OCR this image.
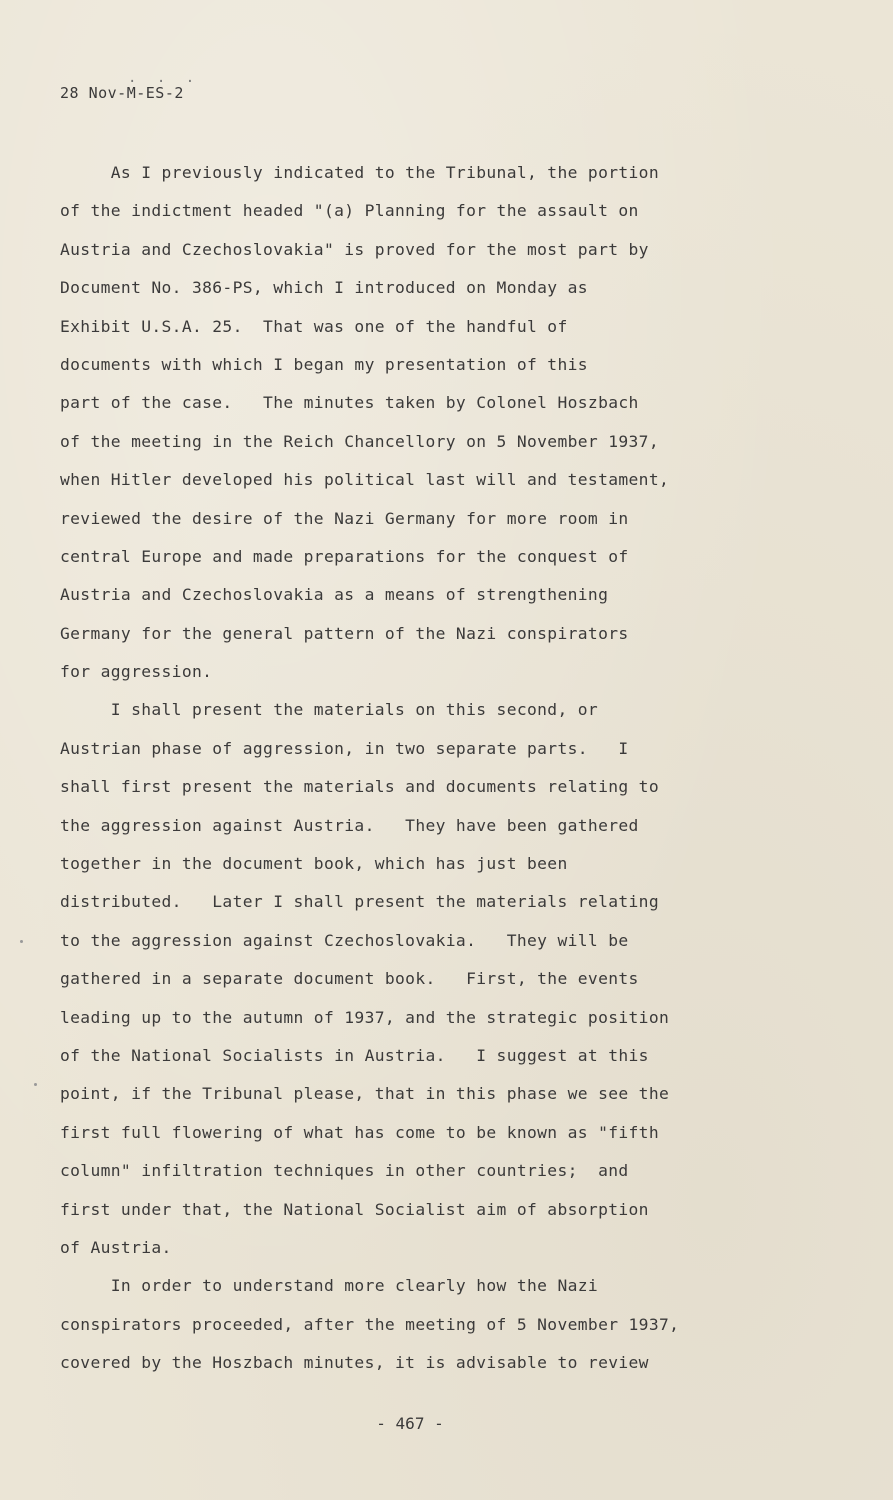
. . .
28 Nov-M-ES-2
As I previously indicated to the Tribunal, the portion
of the indictment headed "(a) Planning for the assault on
Austria and Czechoslovakia" is proved for the most part by
Document No. 386-PS, which I introduced on Monday as
Exhibit U.S.A. 25.  That was one of the handful of
documents with which I began my presentation of this
part of the case.   The minutes taken by Colonel Hoszbach
of the meeting in the Reich Chancellory on 5 November 1937,
when Hitler developed his political last will and testament,
reviewed the desire of the Nazi Germany for more room in
central Europe and made preparations for the conquest of
Austria and Czechoslovakia as a means of strengthening
Germany for the general pattern of the Nazi conspirators
for aggression.
I shall present the materials on this second, or
Austrian phase of aggression, in two separate parts.   I
shall first present the materials and documents relating to
the aggression against Austria.   They have been gathered
together in the document book, which has just been
distributed.   Later I shall present the materials relating
to the aggression against Czechoslovakia.   They will be
gathered in a separate document book.   First, the events
leading up to the autumn of 1937, and the strategic position
of the National Socialists in Austria.   I suggest at this
point, if the Tribunal please, that in this phase we see the
first full flowering of what has come to be known as "fifth
column" infiltration techniques in other countries;  and
first under that, the National Socialist aim of absorption
of Austria.
In order to understand more clearly how the Nazi
conspirators proceeded, after the meeting of 5 November 1937,
covered by the Hoszbach minutes, it is advisable to review
- 467 -
